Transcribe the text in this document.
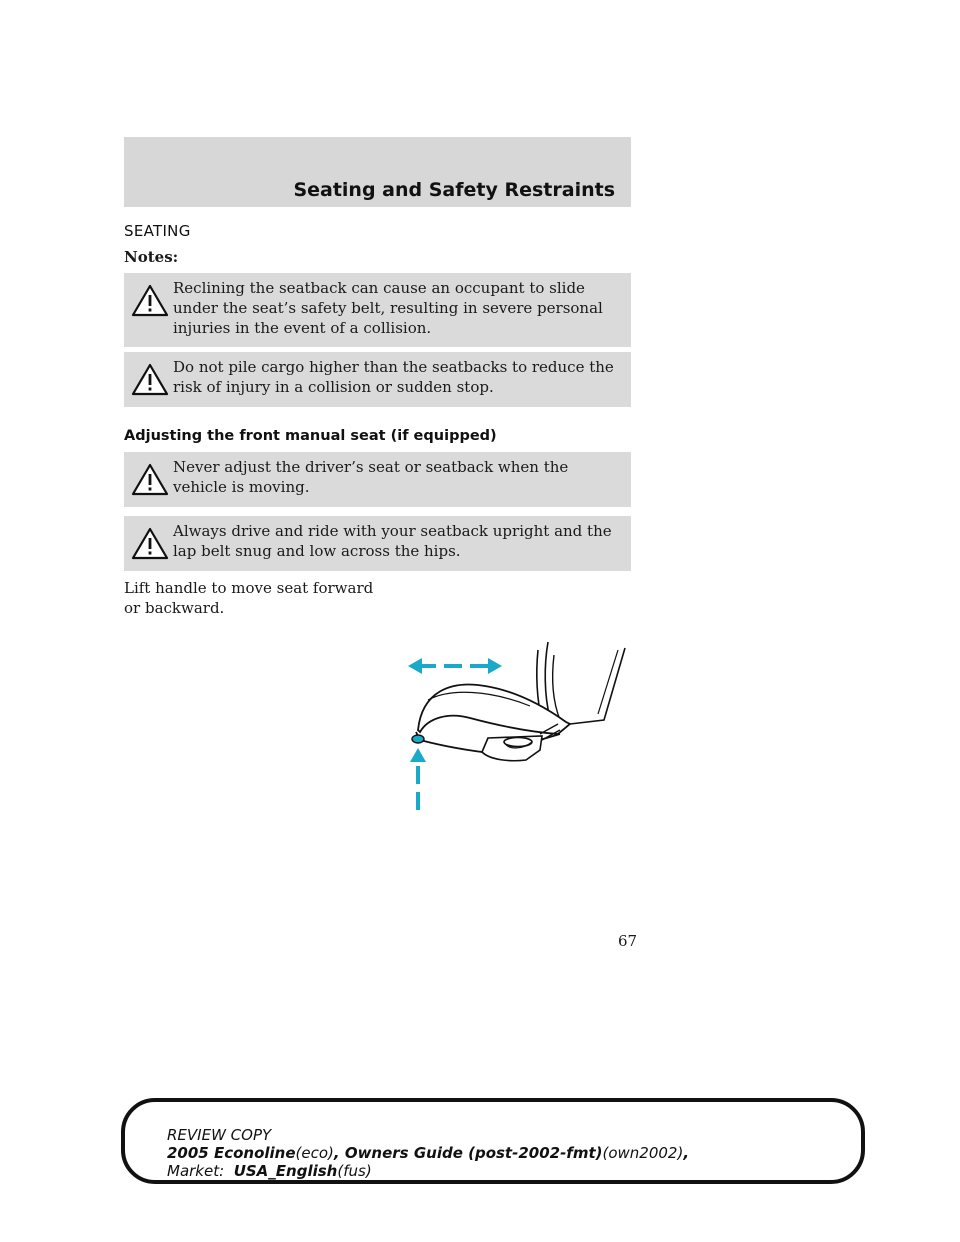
Seating and Safety Restraints
SEATING
Notes:
Reclining the seatback can cause an occupant to slide under the seat’s safety belt, resulting in severe personal injuries in the event of a collision.
Do not pile cargo higher than the seatbacks to reduce the risk of injury in a collision or sudden stop.
Adjusting the front manual seat (if equipped)
Never adjust the driver’s seat or seatback when the vehicle is moving.
Always drive and ride with your seatback upright and the lap belt snug and low across the hips.
Lift handle to move seat forward or backward.
67
REVIEW COPY
2005 Econoline(eco), Owners Guide (post-2002-fmt)(own2002),
Market: USA_English(fus)
